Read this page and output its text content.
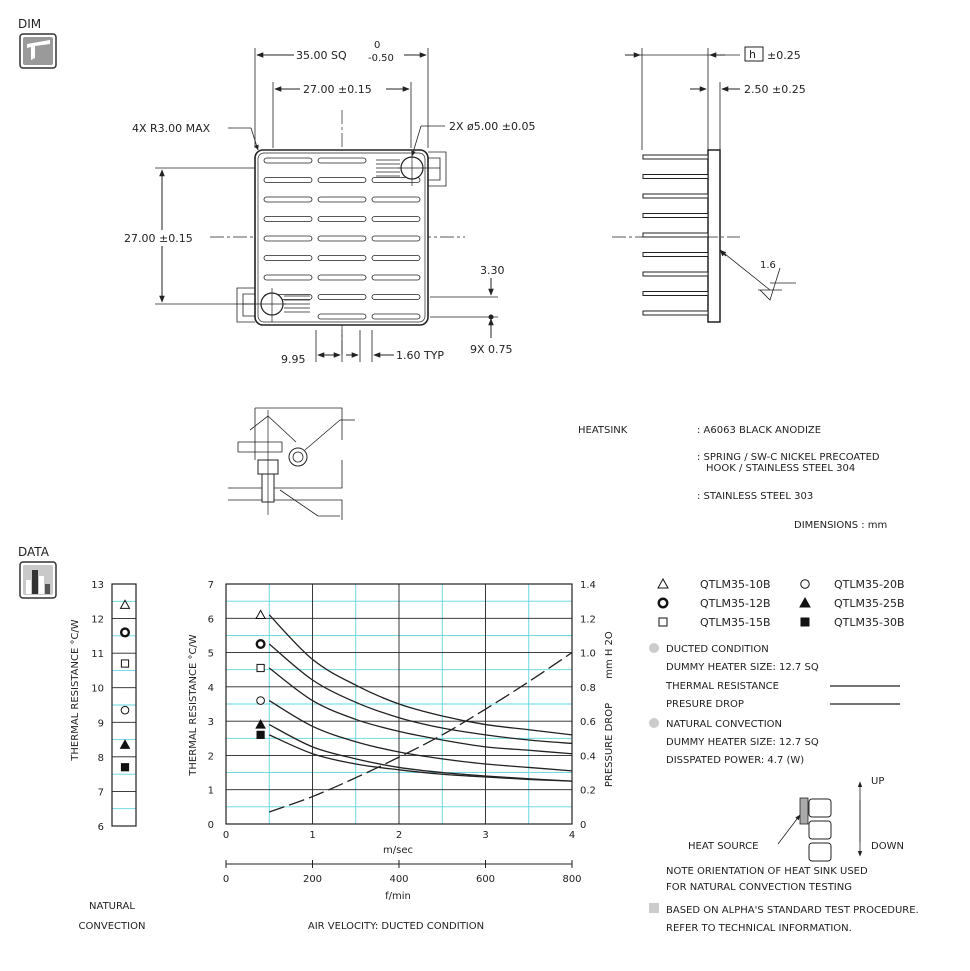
DIM
DATA
35.00 SQ
0
-0.50
27.00 ±0.15
4X R3.00 MAX	2X ø5.00 ±0.05
27.00 ±0.15
3.30
9X 0.75
9.95	1.60 TYP
h ±0.25
2.50 ±0.25
1.6
HEATSINK	: A6063 BLACK ANODIZE
: SPRING / SW-C NICKEL PRECOATED
HOOK / STAINLESS STEEL 304
: STAINLESS STEEL 303
DIMENSIONS : mm
6
7
8
9
10
11
12
13
THERMAL RESISTANCE °C/W
NATURAL
CONVECTION
0
1
2
3
4
5
6
7
0
0.2
0.4
0.6
0.8
1.0
1.2
1.4
0	1	2	3	4
0	200	400	600	800
THERMAL RESISTANCE °C/W	mm H 2O
PRESSURE DROP
m/sec
f/min
AIR VELOCITY: DUCTED CONDITION
QTLM35-10B	QTLM35-20B
QTLM35-12B	QTLM35-25B
QTLM35-15B	QTLM35-30B
DUCTED CONDITION
DUMMY HEATER SIZE: 12.7 SQ
THERMAL RESISTANCE
PRESURE DROP
NATURAL CONVECTION
DUMMY HEATER SIZE: 12.7 SQ
DISSPATED POWER: 4.7 (W)
UP
DOWN
HEAT SOURCE
NOTE ORIENTATION OF HEAT SINK USED
FOR NATURAL CONVECTION TESTING
BASED ON ALPHA'S STANDARD TEST PROCEDURE.
REFER TO TECHNICAL INFORMATION.
